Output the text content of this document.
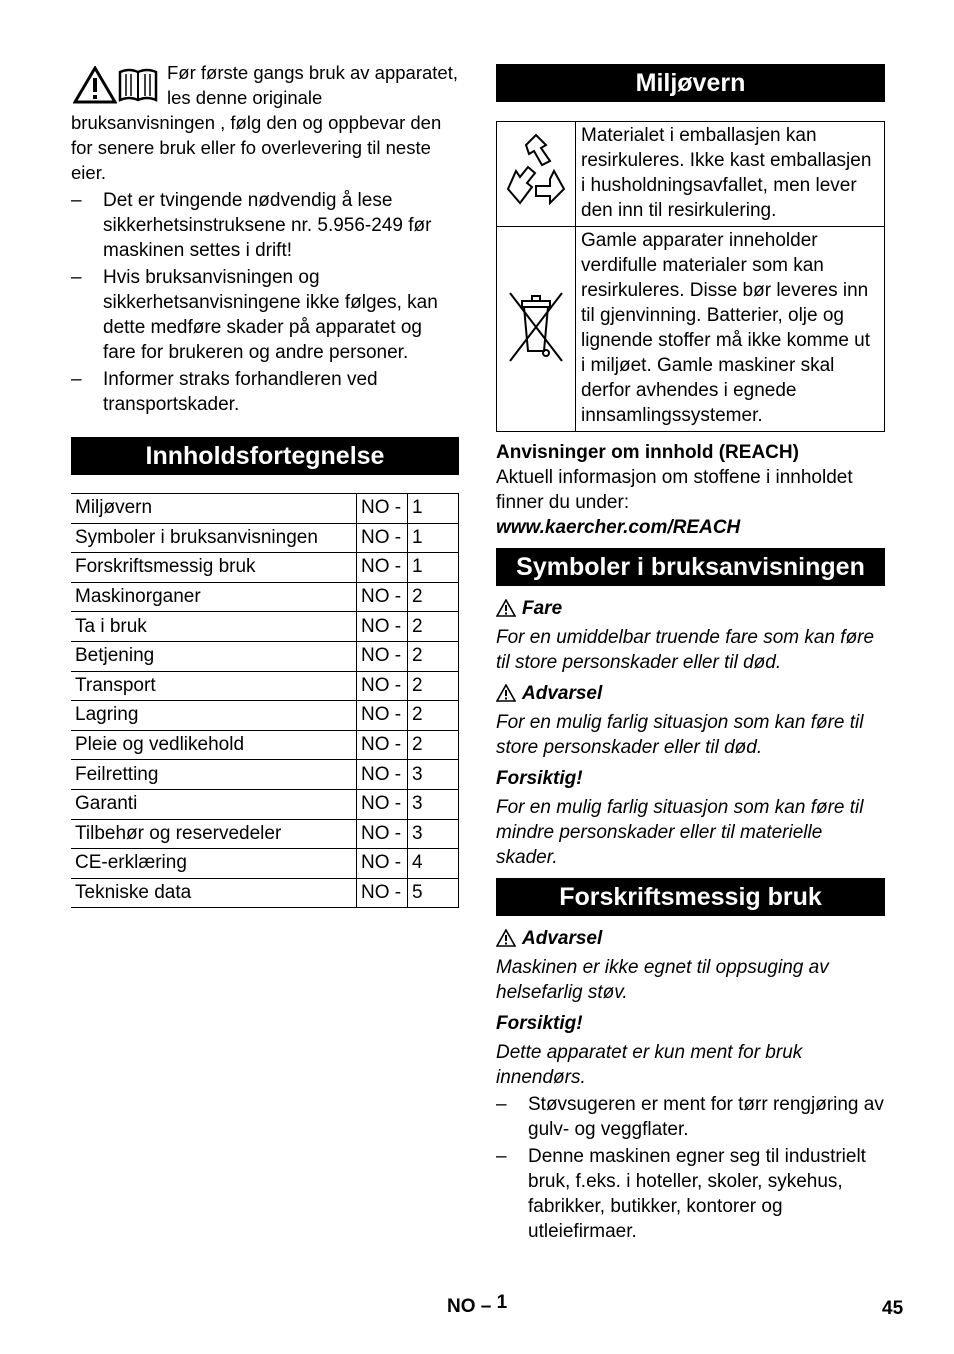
Før første gangs bruk av apparatet, les denne originale bruksanvisningen , følg den og oppbevar den for senere bruk eller fo overlevering til neste eier.
– Det er tvingende nødvendig å lese sikkerhetsinstruksene nr. 5.956-249 før maskinen settes i drift!
– Hvis bruksanvisningen og sikkerhetsanvisningene ikke følges, kan dette medføre skader på apparatet og fare for brukeren og andre personer.
– Informer straks forhandleren ved transportskader.
Innholdsfortegnelse
Miljøvern	NO -	1
Symboler i bruksanvisningen	NO -	1
Forskriftsmessig bruk	NO -	1
Maskinorganer	NO -	2
Ta i bruk	NO -	2
Betjening	NO -	2
Transport	NO -	2
Lagring	NO -	2
Pleie og vedlikehold	NO -	2
Feilretting	NO -	3
Garanti	NO -	3
Tilbehør og reservedeler	NO -	3
CE-erklæring	NO -	4
Tekniske data	NO -	5
Miljøvern
	Materialet i emballasjen kan resirkuleres. Ikke kast emballasjen i husholdningsavfallet, men lever den inn til resirkulering.
	Gamle apparater inneholder verdifulle materialer som kan resirkuleres. Disse bør leveres inn til gjenvinning. Batterier, olje og lignende stoffer må ikke komme ut i miljøet. Gamle maskiner skal derfor avhendes i egnede innsamlingssystemer.

Anvisninger om innhold (REACH)

Aktuell informasjon om stoffene i innholdet finner du under:

www.kaercher.com/REACH

Symboler i bruksanvisningen
Fare

For en umiddelbar truende fare som kan føre til store personskader eller til død.

Advarsel

For en mulig farlig situasjon som kan føre til store personskader eller til død.

Forsiktig!

For en mulig farlig situasjon som kan føre til mindre personskader eller til materielle skader.

Forskriftsmessig bruk
Advarsel

Maskinen er ikke egnet til oppsuging av helsefarlig støv.

Forsiktig!

Dette apparatet er kun ment for bruk innendørs.

– Støvsugeren er ment for tørr rengjøring av gulv- og veggflater.
– Denne maskinen egner seg til industrielt bruk, f.eks. i hoteller, skoler, sykehus, fabrikker, butikker, kontorer og utleiefirmaer.
NO – 1	45
